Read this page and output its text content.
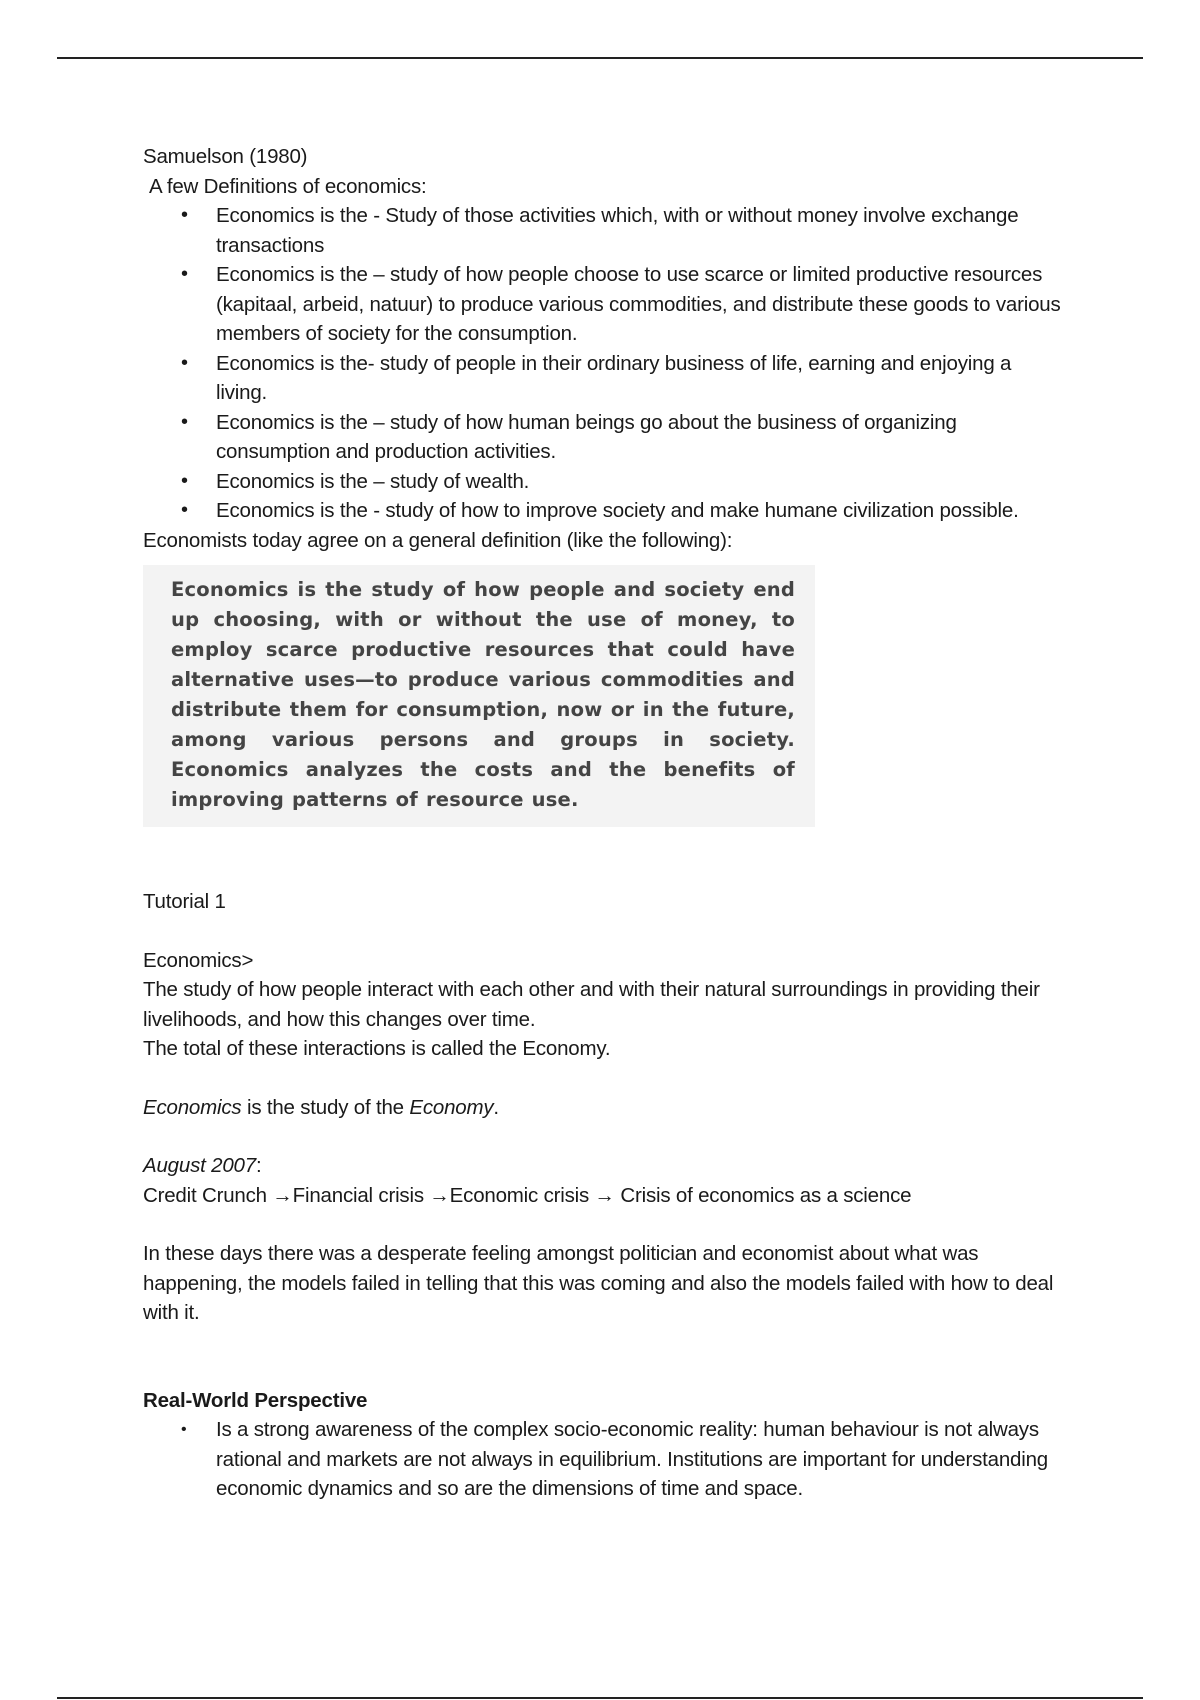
Samuelson (1980)

A few Definitions of economics:

• Economics is the - Study of those activities which, with or without money involve exchange transactions
• Economics is the – study of how people choose to use scarce or limited productive resources (kapitaal, arbeid, natuur) to produce various commodities, and distribute these goods to various members of society for the consumption.
• Economics is the- study of people in their ordinary business of life, earning and enjoying a living.
• Economics is the – study of how human beings go about the business of organizing consumption and production activities.
• Economics is the – study of wealth.
• Economics is the - study of how to improve society and make humane civilization possible.

Economists today agree on a general definition (like the following):

Economics is the study of how people and society end up choosing, with or without the use of money, to employ scarce productive resources that could have alternative uses—to produce various commodities and distribute them for consumption, now or in the future, among various persons and groups in society. Economics analyzes the costs and the benefits of improving patterns of resource use.

Tutorial 1

Economics>

The study of how people interact with each other and with their natural surroundings in providing their livelihoods, and how this changes over time.

The total of these interactions is called the Economy.

Economics is the study of the Economy.

August 2007:

Credit Crunch →Financial crisis →Economic crisis → Crisis of economics as a science

In these days there was a desperate feeling amongst politician and economist about what was happening, the models failed in telling that this was coming and also the models failed with how to deal with it.

Real-World Perspective

• Is a strong awareness of the complex socio-economic reality: human behaviour is not always rational and markets are not always in equilibrium. Institutions are important for understanding economic dynamics and so are the dimensions of time and space.
